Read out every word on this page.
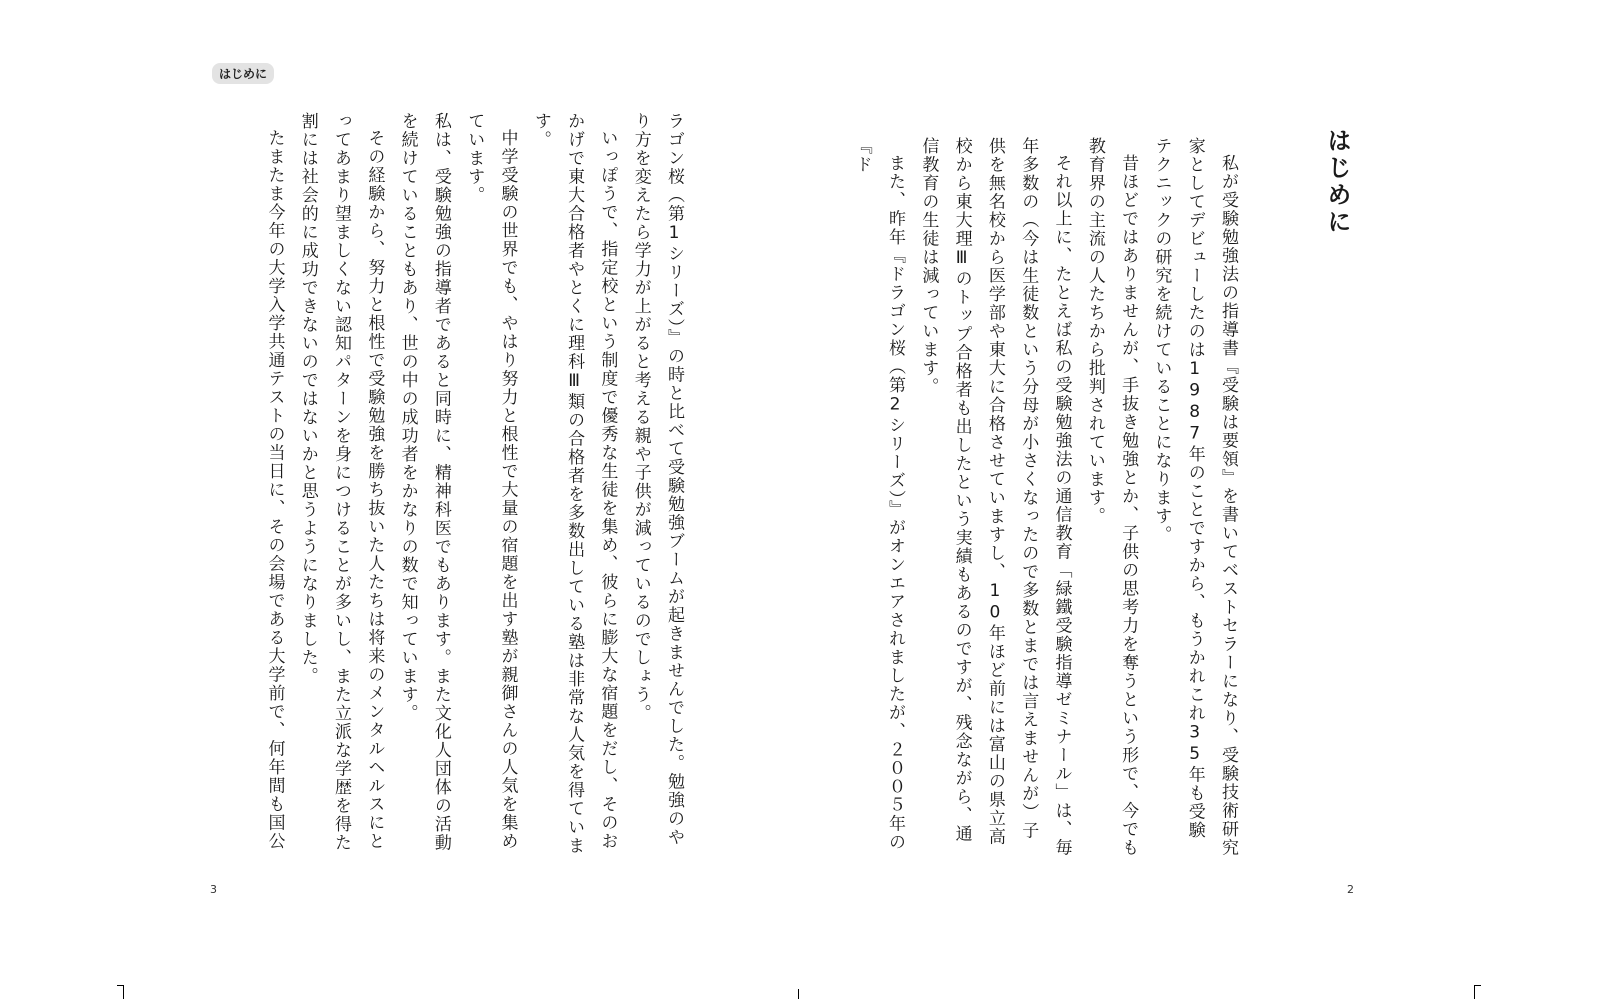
はじめに

ラゴン桜（第1シリーズ）』の時と比べて受験勉強ブームが起きませんでした。勉強のやり方を変えたら学力が上がると考える親や子供が減っているのでしょう。

いっぽうで、指定校という制度で優秀な生徒を集め、彼らに膨大な宿題をだし、そのおかげで東大合格者やとくに理科Ⅲ類の合格者を多数出している塾は非常な人気を得ています。

中学受験の世界でも、やはり努力と根性で大量の宿題を出す塾が親御さんの人気を集めています。

私は、受験勉強の指導者であると同時に、精神科医でもあります。また文化人団体の活動を続けていることもあり、世の中の成功者をかなりの数で知っています。

その経験から、努力と根性で受験勉強を勝ち抜いた人たちは将来のメンタルヘルスにとってあまり望ましくない認知パターンを身につけることが多いし、また立派な学歴を得た割には社会的に成功できないのではないかと思うようになりました。

たまたま今年の大学入学共通テストの当日に、その会場である大学前で、何年間も国公

3
はじめに

私が受験勉強法の指導書『受験は要領』を書いてベストセラーになり、受験技術研究家としてデビューしたのは1987年のことですから、もうかれこれ35年も受験テクニックの研究を続けていることになります。

昔ほどではありませんが、手抜き勉強とか、子供の思考力を奪うという形で、今でも教育界の主流の人たちから批判されています。

それ以上に、たとえば私の受験勉強法の通信教育「緑鐵受験指導ゼミナール」は、毎年多数の（今は生徒数という分母が小さくなったので多数とまでは言えませんが）子供を無名校から医学部や東大に合格させていますし、10年ほど前には富山の県立高校から東大理Ⅲのトップ合格者も出したという実績もあるのですが、残念ながら、通信教育の生徒は減っています。

また、昨年『ドラゴン桜（第2シリーズ）』がオンエアされましたが、２００５年の『ド

2
